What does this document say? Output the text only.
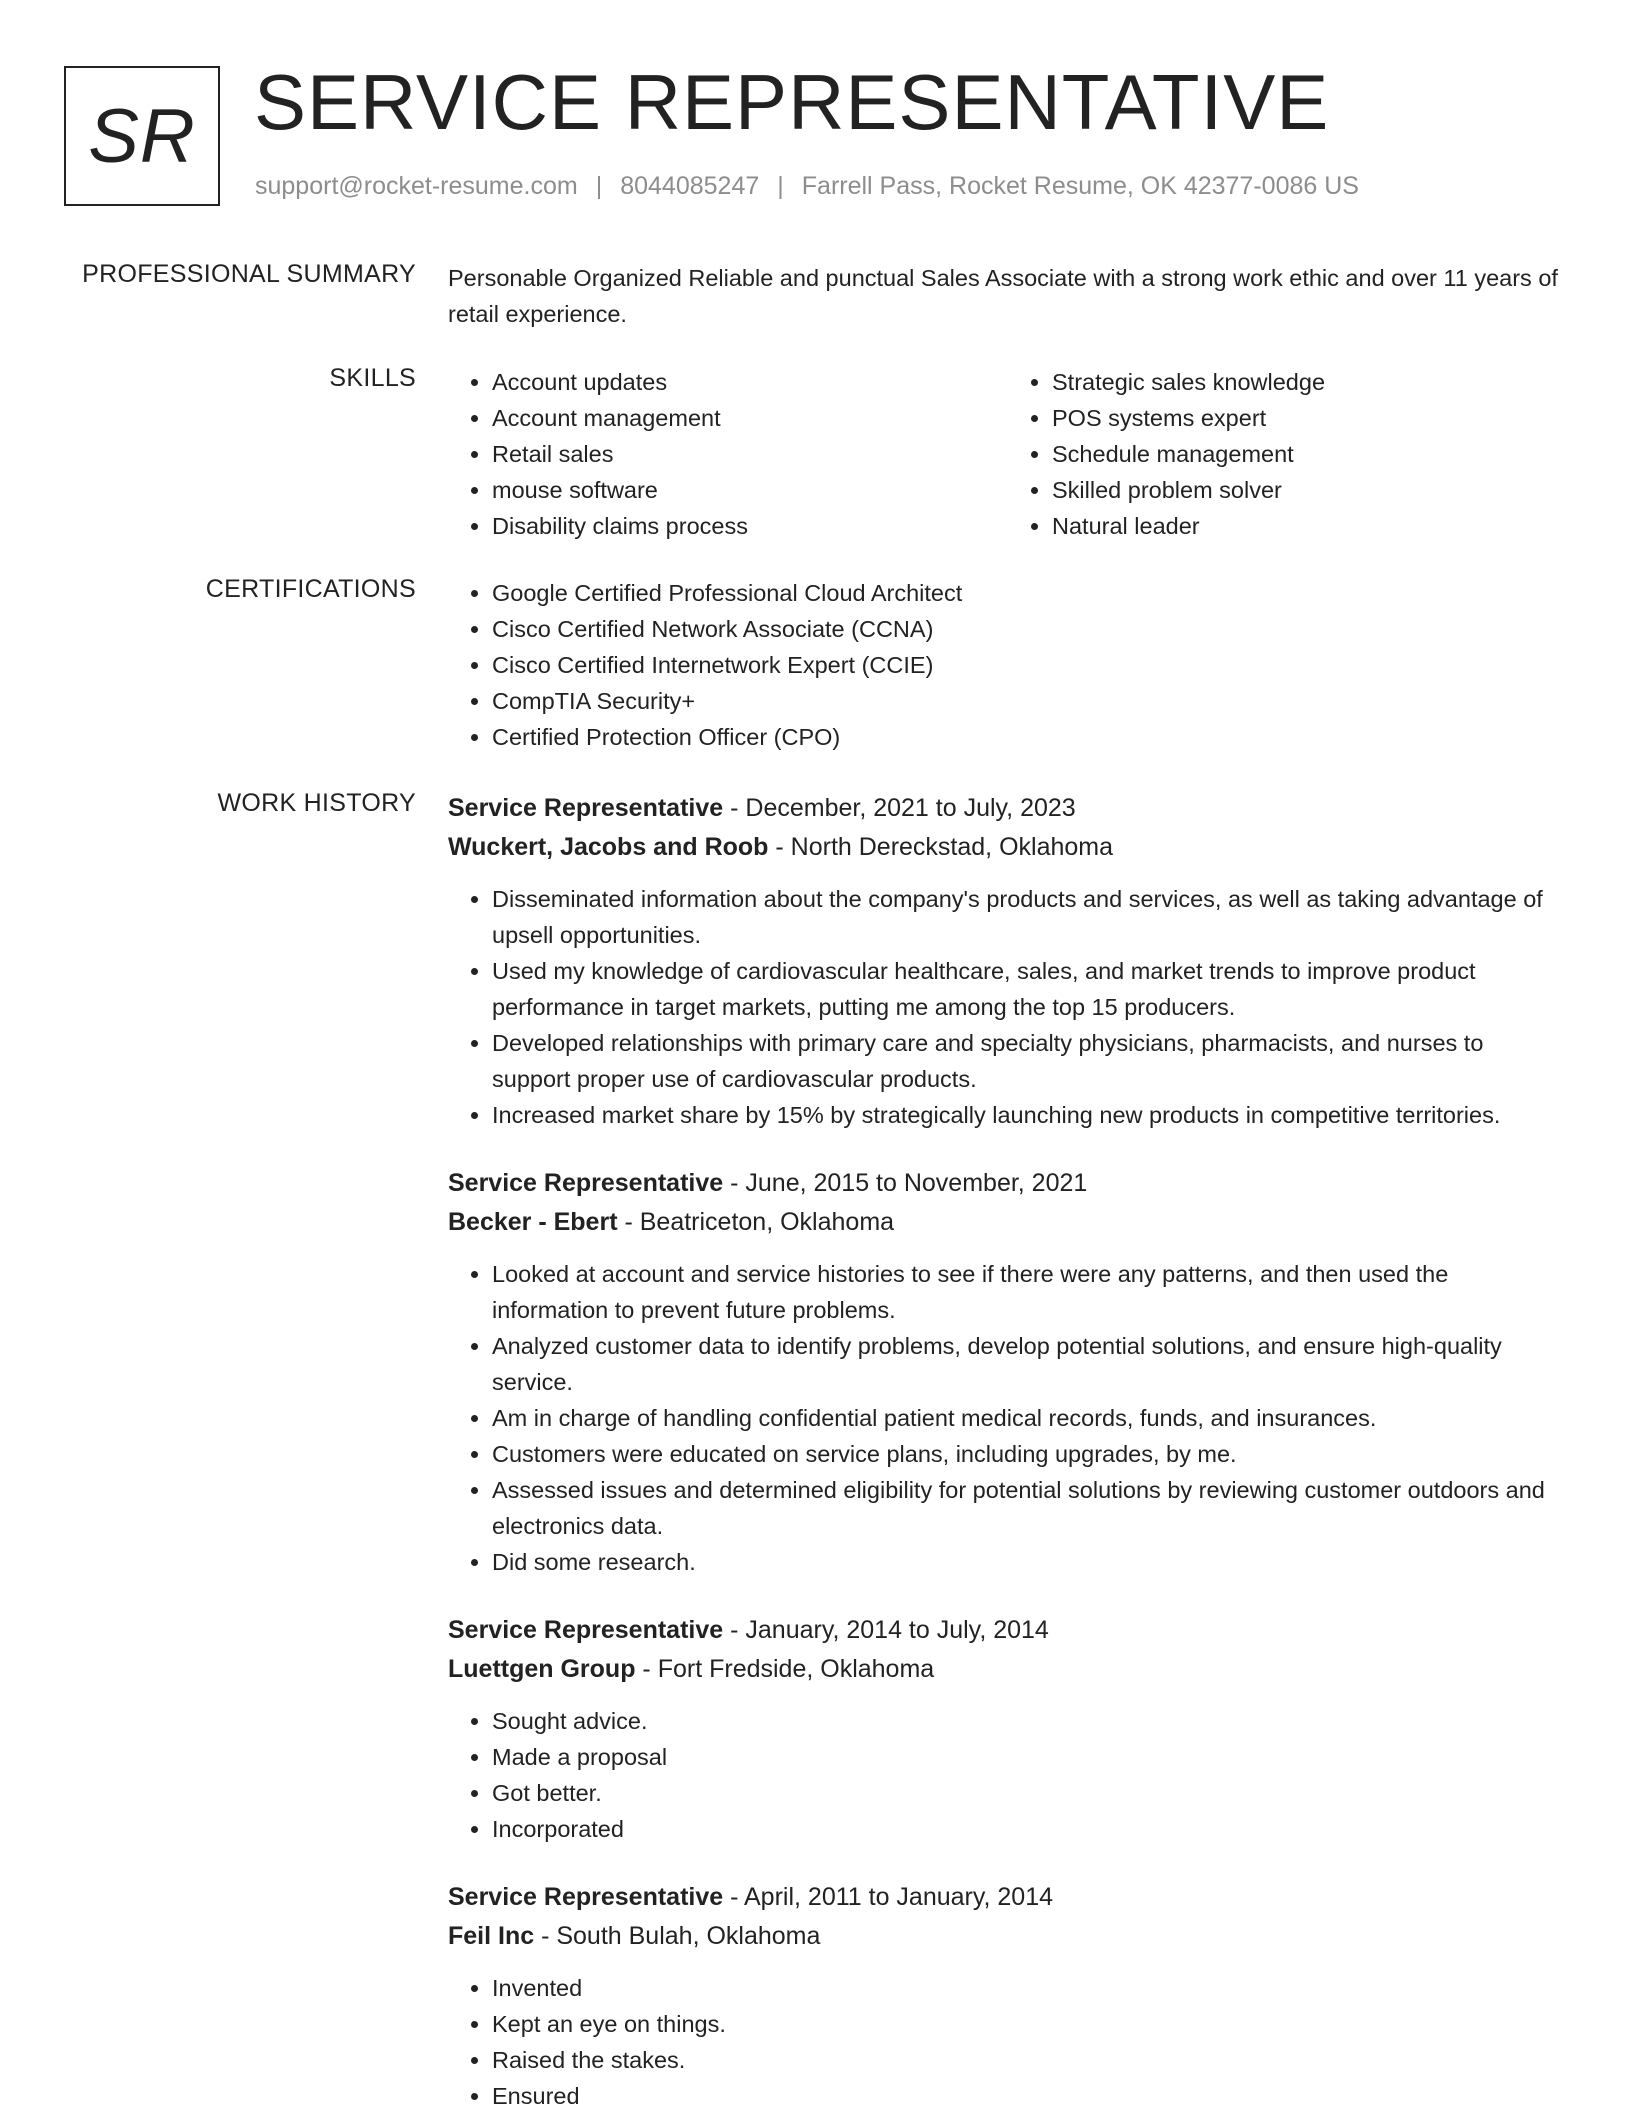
SR SERVICE REPRESENTATIVE
support@rocket-resume.com | 8044085247 | Farrell Pass, Rocket Resume, OK 42377-0086 US
PROFESSIONAL SUMMARY Personable Organized Reliable and punctual Sales Associate with a strong work ethic and over 11 years of retail experience.

SKILLS	• Account updates
• Account management
• Retail sales
• mouse software
• Disability claims process
• Strategic sales knowledge
• POS systems expert
• Schedule management
• Skilled problem solver
• Natural leader
CERTIFICATIONS	• Google Certified Professional Cloud Architect
• Cisco Certified Network Associate (CCNA)
• Cisco Certified Internetwork Expert (CCIE)
• CompTIA Security+
• Certified Protection Officer (CPO)
WORK HISTORY Service Representative - December, 2021 to July, 2023
Wuckert, Jacobs and Roob - North Dereckstad, Oklahoma
• Disseminated information about the company's products and services, as well as taking advantage of upsell opportunities.
• Used my knowledge of cardiovascular healthcare, sales, and market trends to improve product performance in target markets, putting me among the top 15 producers.
• Developed relationships with primary care and specialty physicians, pharmacists, and nurses to support proper use of cardiovascular products.
• Increased market share by 15% by strategically launching new products in competitive territories.
Service Representative - June, 2015 to November, 2021
Becker - Ebert - Beatriceton, Oklahoma
• Looked at account and service histories to see if there were any patterns, and then used the information to prevent future problems.
• Analyzed customer data to identify problems, develop potential solutions, and ensure high-quality service.
• Am in charge of handling confidential patient medical records, funds, and insurances.
• Customers were educated on service plans, including upgrades, by me.
• Assessed issues and determined eligibility for potential solutions by reviewing customer outdoors and electronics data.
• Did some research.
Service Representative - January, 2014 to July, 2014
Luettgen Group - Fort Fredside, Oklahoma
• Sought advice.
• Made a proposal
• Got better.
• Incorporated
Service Representative - April, 2011 to January, 2014
Feil Inc - South Bulah, Oklahoma
• Invented
• Kept an eye on things.
• Raised the stakes.
• Ensured
